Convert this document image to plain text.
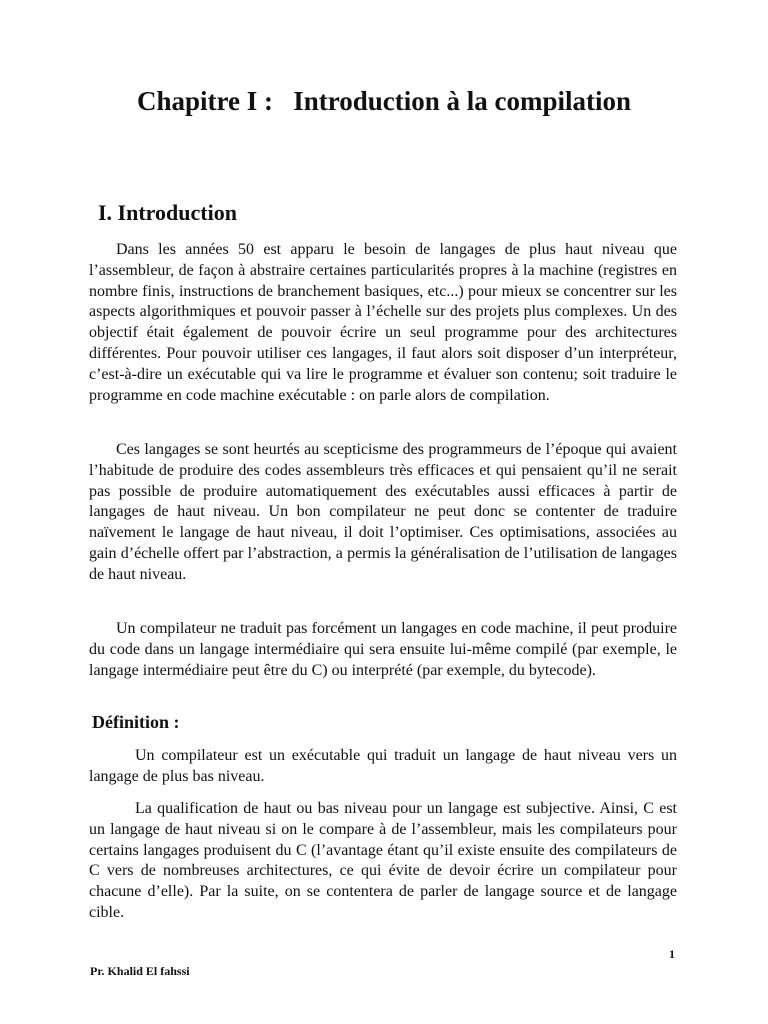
Chapitre I :   Introduction à la compilation
I. Introduction

Dans les années 50 est apparu le besoin de langages de plus haut niveau que l’assembleur, de façon à abstraire certaines particularités propres à la machine (registres en nombre finis, instructions de branchement basiques, etc...) pour mieux se concentrer sur les aspects algorithmiques et pouvoir passer à l’échelle sur des projets plus complexes. Un des objectif était également de pouvoir écrire un seul programme pour des architectures différentes. Pour pouvoir utiliser ces langages, il faut alors soit disposer d’un interpréteur, c’est-à-dire un exécutable qui va lire le programme et évaluer son contenu; soit traduire le programme en code machine exécutable : on parle alors de compilation.

Ces langages se sont heurtés au scepticisme des programmeurs de l’époque qui avaient l’habitude de produire des codes assembleurs très efficaces et qui pensaient qu’il ne serait pas possible de produire automatiquement des exécutables aussi efficaces à partir de langages de haut niveau. Un bon compilateur ne peut donc se contenter de traduire naïvement le langage de haut niveau, il doit l’optimiser. Ces optimisations, associées au gain d’échelle offert par l’abstraction, a permis la généralisation de l’utilisation de langages de haut niveau.

Un compilateur ne traduit pas forcément un langages en code machine, il peut produire du code dans un langage intermédiaire qui sera ensuite lui-même compilé (par exemple, le langage intermédiaire peut être du C) ou interprété (par exemple, du bytecode).

Définition :

Un compilateur est un exécutable qui traduit un langage de haut niveau vers un langage de plus bas niveau.

La qualification de haut ou bas niveau pour un langage est subjective. Ainsi, C est un langage de haut niveau si on le compare à de l’assembleur, mais les compilateurs pour certains langages produisent du C (l’avantage étant qu’il existe ensuite des compilateurs de C vers de nombreuses architectures, ce qui évite de devoir écrire un compilateur pour chacune d’elle). Par la suite, on se contentera de parler de langage source et de langage cible.

1
Pr. Khalid El fahssi
